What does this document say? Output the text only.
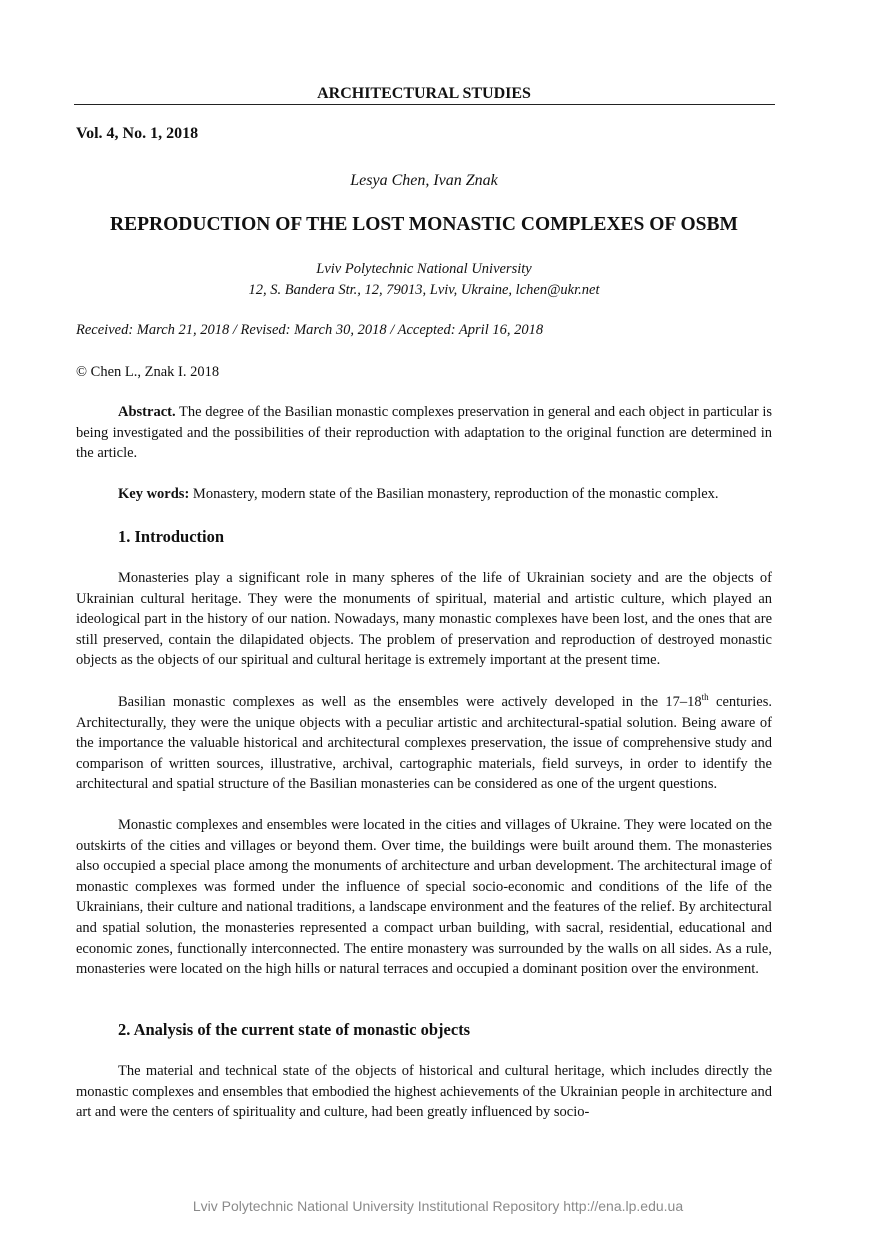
ARCHITECTURAL STUDIES
Vol. 4, No. 1, 2018
Lesya Chen, Ivan Znak
REPRODUCTION OF THE LOST MONASTIC COMPLEXES OF OSBM
Lviv Polytechnic National University
12, S. Bandera Str., 12, 79013, Lviv, Ukraine, lchen@ukr.net
Received: March 21, 2018 / Revised: March 30, 2018 / Accepted: April 16, 2018
© Chen L., Znak I. 2018
Abstract. The degree of the Basilian monastic complexes preservation in general and each object in particular is being investigated and the possibilities of their reproduction with adaptation to the original function are determined in the article.
Key words: Monastery, modern state of the Basilian monastery, reproduction of the monastic complex.
1. Introduction
Monasteries play a significant role in many spheres of the life of Ukrainian society and are the objects of Ukrainian cultural heritage. They were the monuments of spiritual, material and artistic culture, which played an ideological part in the history of our nation. Nowadays, many monastic complexes have been lost, and the ones that are still preserved, contain the dilapidated objects. The problem of preservation and reproduction of destroyed monastic objects as the objects of our spiritual and cultural heritage is extremely important at the present time.
Basilian monastic complexes as well as the ensembles were actively developed in the 17–18th centuries. Architecturally, they were the unique objects with a peculiar artistic and architectural-spatial solution. Being aware of the importance the valuable historical and architectural complexes preservation, the issue of comprehensive study and comparison of written sources, illustrative, archival, cartographic materials, field surveys, in order to identify the architectural and spatial structure of the Basilian monasteries can be considered as one of the urgent questions.
Monastic complexes and ensembles were located in the cities and villages of Ukraine. They were located on the outskirts of the cities and villages or beyond them. Over time, the buildings were built around them. The monasteries also occupied a special place among the monuments of architecture and urban development. The architectural image of monastic complexes was formed under the influence of special socio-economic and conditions of the life of the Ukrainians, their culture and national traditions, a landscape environment and the features of the relief. By architectural and spatial solution, the monasteries represented a compact urban building, with sacral, residential, educational and economic zones, functionally interconnected. The entire monastery was surrounded by the walls on all sides. As a rule, monasteries were located on the high hills or natural terraces and occupied a dominant position over the environment.
2. Analysis of the current state of monastic objects
The material and technical state of the objects of historical and cultural heritage, which includes directly the monastic complexes and ensembles that embodied the highest achievements of the Ukrainian people in architecture and art and were the centers of spirituality and culture, had been greatly influenced by socio-
Lviv Polytechnic National University Institutional Repository http://ena.lp.edu.ua
